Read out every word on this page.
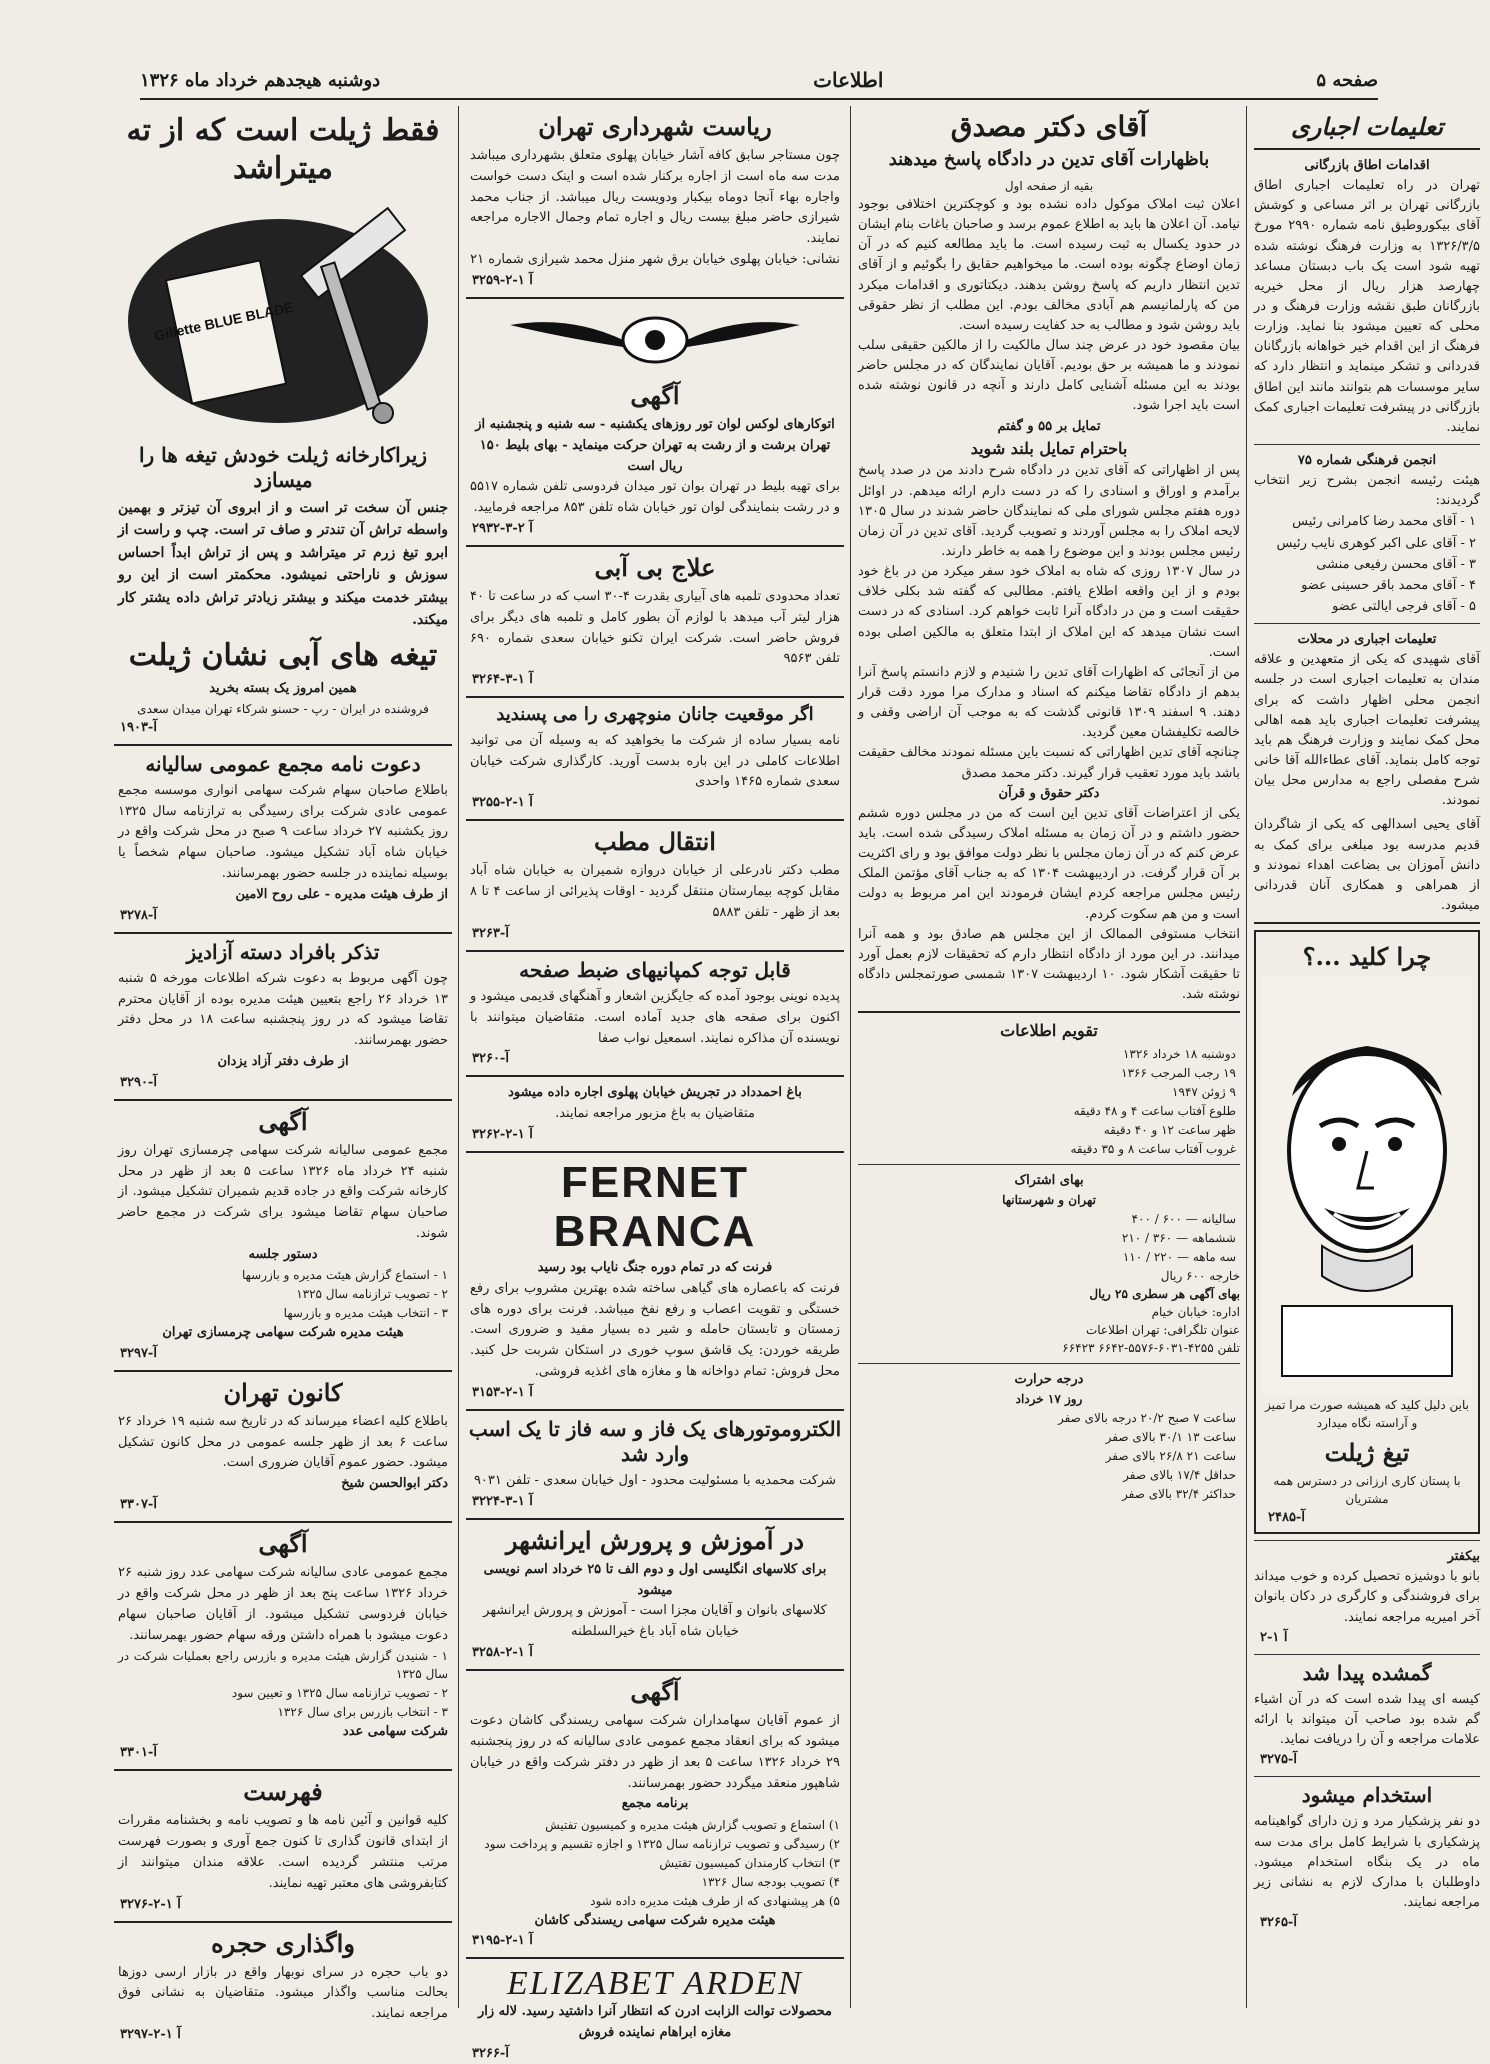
صفحه ۵
اطلاعات
دوشنبه هیجدهم خرداد ماه ۱۳۲۶
تعلیمات اجباری
اقدامات اطاق بازرگانی
تهران در راه تعلیمات اجباری اطاق بازرگانی تهران بر اثر مساعی و کوشش آقای بیکوروطیق نامه شماره ۲۹۹۰ مورخ ۱۳۲۶/۳/۵ به وزارت فرهنگ نوشته شده تهیه شود است یک باب دبستان مساعد چهارصد هزار ریال از محل خیریه بازرگانان طبق نقشه وزارت فرهنگ و در محلی که تعیین میشود بنا نماید. وزارت فرهنگ از این اقدام خیر خواهانه بازرگانان قدردانی و تشکر مینماید و انتظار دارد که سایر موسسات هم بتوانند مانند این اطاق بازرگانی در پیشرفت تعلیمات اجباری کمک نمایند.
انجمن فرهنگی شماره ۷۵
هیئت رئیسه انجمن بشرح زیر انتخاب گردیدند:
۱ - آقای محمد رضا کامرانی رئیس
۲ - آقای علی اکبر کوهری نایب رئیس
۳ - آقای محسن رفیعی منشی
۴ - آقای محمد باقر حسینی عضو
۵ - آقای فرجی ایالتی عضو
تعلیمات اجباری در محلات
آقای شهیدی که یکی از متعهدین و علاقه مندان به تعلیمات اجباری است در جلسه انجمن محلی اظهار داشت که برای پیشرفت تعلیمات اجباری باید همه اهالی محل کمک نمایند و وزارت فرهنگ هم باید توجه کامل بنماید. آقای عطاءالله آقا خانی شرح مفصلی راجع به مدارس محل بیان نمودند.
آقای یحیی اسدالهی که یکی از شاگردان قدیم مدرسه بود مبلغی برای کمک به دانش آموزان بی بضاعت اهداء نمودند و از همراهی و همکاری آنان قدردانی میشود.
چرا کلید ...؟
باین دلیل کلید که همیشه صورت مرا تمیز و آراسته نگاه میدارد
تیغ ژیلت
با پستان کاری ارزانی در دسترس همه مشتریان
۲۴۸۵-آ
بیکفتر
بانو با دوشیزه تحصیل کرده و خوب میداند برای فروشندگی و کارگری در دکان بانوان آخر امیریه مراجعه نمایند.
آ ۱-۲
گمشده پیدا شد
کیسه ای پیدا شده است که در آن اشیاء گم شده بود صاحب آن میتواند با ارائه علامات مراجعه و آن را دریافت نماید.
۳۲۷۵-آ
استخدام میشود
دو نفر پزشکیار مرد و زن دارای گواهینامه پزشکیاری با شرایط کامل برای مدت سه ماه در یک بنگاه استخدام میشود. داوطلبان با مدارک لازم به نشانی زیر مراجعه نمایند.
۳۲۶۵-آ
آقای دکتر مصدق
باظهارات آقای تدین در دادگاه پاسخ میدهند
بقیه از صفحه اول
اعلان ثبت املاک موکول داده نشده بود و کوچکترین اختلافی بوجود نیامد. آن اعلان ها باید به اطلاع عموم برسد و صاحبان باغات بنام ایشان در حدود یکسال به ثبت رسیده است. ما باید مطالعه کنیم که در آن زمان اوضاع چگونه بوده است. ما میخواهیم حقایق را بگوئیم و از آقای تدین انتظار داریم که پاسخ روشن بدهند. دیکتاتوری و اقدامات میکرد من که پارلمانیسم هم آبادی مخالف بودم. این مطلب از نظر حقوقی باید روشن شود و مطالب به حد کفایت رسیده است.
بیان مقصود خود در عرض چند سال مالکیت را از مالکین حقیقی سلب نمودند و ما همیشه بر حق بودیم. آقایان نمایندگان که در مجلس حاضر بودند به این مسئله آشنایی کامل دارند و آنچه در قانون نوشته شده است باید اجرا شود.
تمایل بر ۵۵ و گفتم
باحترام تمایل بلند شوید
پس از اظهاراتی که آقای تدین در دادگاه شرح دادند من در صدد پاسخ برآمدم و اوراق و اسنادی را که در دست دارم ارائه میدهم. در اوائل دوره هفتم مجلس شورای ملی که نمایندگان حاضر شدند در سال ۱۳۰۵ لایحه املاک را به مجلس آوردند و تصویب گردید. آقای تدین در آن زمان رئیس مجلس بودند و این موضوع را همه به خاطر دارند.
در سال ۱۳۰۷ روزی که شاه به املاک خود سفر میکرد من در باغ خود بودم و از این واقعه اطلاع یافتم. مطالبی که گفته شد بکلی خلاف حقیقت است و من در دادگاه آنرا ثابت خواهم کرد. اسنادی که در دست است نشان میدهد که این املاک از ابتدا متعلق به مالکین اصلی بوده است.
من از آنجائی که اظهارات آقای تدین را شنیدم و لازم دانستم پاسخ آنرا بدهم از دادگاه تقاضا میکنم که اسناد و مدارک مرا مورد دقت قرار دهند. ۹ اسفند ۱۳۰۹ قانونی گذشت که به موجب آن اراضی وقفی و خالصه تکلیفشان معین گردید.
چنانچه آقای تدین اظهاراتی که نسبت باین مسئله نمودند مخالف حقیقت باشد باید مورد تعقیب قرار گیرند. دکتر محمد مصدق
دکتر حقوق و قرآن
یکی از اعتراضات آقای تدین این است که من در مجلس دوره ششم حضور داشتم و در آن زمان به مسئله املاک رسیدگی شده است. باید عرض کنم که در آن زمان مجلس با نظر دولت موافق بود و رای اکثریت بر آن قرار گرفت. در اردیبهشت ۱۳۰۴ که به جناب آقای مؤتمن الملک رئیس مجلس مراجعه کردم ایشان فرمودند این امر مربوط به دولت است و من هم سکوت کردم.
انتخاب مستوفی الممالک از این مجلس هم صادق بود و همه آنرا میدانند. در این مورد از دادگاه انتظار دارم که تحقیقات لازم بعمل آورد تا حقیقت آشکار شود. ۱۰ اردیبهشت ۱۳۰۷ شمسی صورتمجلس دادگاه نوشته شد.
تقویم اطلاعات
دوشنبه ۱۸ خرداد ۱۳۲۶
۱۹ رجب المرجب ۱۳۶۶
۹ ژوئن ۱۹۴۷
طلوع آفتاب ساعت ۴ و ۴۸ دقیقه
ظهر ساعت ۱۲ و ۴۰ دقیقه
غروب آفتاب ساعت ۸ و ۳۵ دقیقه
بهای اشتراک
تهران و شهرستانها
سالیانه — ۶۰۰ / ۴۰۰
ششماهه — ۳۶۰ / ۲۱۰
سه ماهه — ۲۲۰ / ۱۱۰
خارجه ۶۰۰ ریال
بهای آگهی هر سطری ۲۵ ریال
اداره: خیابان خیام
عنوان تلگرافی: تهران اطلاعات
تلفن ۴۲۵۵-۶۰۳۱-۵۵۷۶-۶۶۴۲ ۶۶۴۲۳
درجه حرارت
روز ۱۷ خرداد
ساعت ۷ صبح ۲۰/۲ درجه بالای صفر
ساعت ۱۳ ۳۰/۱ بالای صفر
ساعت ۲۱ ۲۶/۸ بالای صفر
حداقل ۱۷/۴ بالای صفر
حداکثر ۳۲/۴ بالای صفر
ریاست شهرداری تهران
چون مستاجر سابق کافه آشار خیابان پهلوی متعلق بشهرداری میباشد مدت سه ماه است از اجاره برکنار شده است و اینک دست خواست واجاره بهاء آنجا دوماه بیکبار ودویست ریال میباشد. از جناب محمد شیرازی حاضر مبلغ بیست ریال و اجاره تمام وجمال الاجاره مراجعه نمایند.
نشانی: خیابان پهلوی خیابان برق شهر منزل محمد شیرازی شماره ۲۱
۳۲۵۹-آ ۱-۲
آگهی
اتوکارهای لوکس لوان تور روزهای یکشنبه - سه شنبه و پنجشنبه از تهران برشت و از رشت به تهران حرکت مینماید - بهای بلیط ۱۵۰ ریال است
برای تهیه بلیط در تهران بوان تور میدان فردوسی تلفن شماره ۵۵۱۷ و در رشت بنمایندگی لوان تور خیابان شاه تلفن ۸۵۳ مراجعه فرمایید.
۲۹۳۲-آ ۲-۳
علاج بی آبی
تعداد محدودی تلمبه های آبیاری بقدرت ۴-۳۰ اسب که در ساعت تا ۴۰ هزار لیتر آب میدهد با لوازم آن بطور کامل و تلمبه های دیگر برای فروش حاضر است. شرکت ایران تکنو خیابان سعدی شماره ۶۹۰ تلفن ۹۵۶۳
۳۲۶۴-آ ۱-۳
اگر موقعیت جانان منوچهری را می پسندید
نامه بسیار ساده از شرکت ما بخواهید که به وسیله آن می توانید اطلاعات کاملی در این باره بدست آورید. کارگذاری شرکت خیابان سعدی شماره ۱۴۶۵ واحدی
۳۲۵۵-آ ۱-۲
انتقال مطب
مطب دکتر نادرعلی از خیابان دروازه شمیران به خیابان شاه آباد مقابل کوچه بیمارستان منتقل گردید - اوقات پذیرائی از ساعت ۴ تا ۸ بعد از ظهر - تلفن ۵۸۸۳
۳۲۶۳-آ
قابل توجه کمپانیهای ضبط صفحه
پدیده نوینی بوجود آمده که جایگزین اشعار و آهنگهای قدیمی میشود و اکنون برای صفحه های جدید آماده است. متقاضیان میتوانند با نویسنده آن مذاکره نمایند. اسمعیل نواب صفا
۳۲۶۰-آ
باغ احمدداد در تجریش خیابان پهلوی اجاره داده میشود
متقاضیان به باغ مزبور مراجعه نمایند.
۳۲۶۲-آ ۱-۲
FERNET BRANCA
فرنت که در تمام دوره جنگ نایاب بود رسید
فرنت که باعصاره های گیاهی ساخته شده بهترین مشروب برای رفع خستگی و تقویت اعصاب و رفع نفخ میباشد. فرنت برای دوره های زمستان و تابستان حامله و شیر ده بسیار مفید و ضروری است. طریقه خوردن: یک قاشق سوپ خوری در استکان شربت حل کنید. محل فروش: تمام دواخانه ها و مغازه های اغذیه فروشی.
۳۱۵۳-آ ۱-۲
الکتروموتورهای یک فاز و سه فاز تا یک اسب وارد شد
شرکت محمدیه با مسئولیت محدود - اول خیابان سعدی - تلفن ۹۰۳۱
۳۲۲۴-آ ۱-۳
در آموزش و پرورش ایرانشهر
برای کلاسهای انگلیسی اول و دوم الف تا ۲۵ خرداد اسم نویسی میشود
کلاسهای بانوان و آقایان مجزا است - آموزش و پرورش ایرانشهر خیابان شاه آباد باغ خیرالسلطنه
۳۲۵۸-آ ۱-۲
آگهی
از عموم آقایان سهامداران شرکت سهامی ریسندگی کاشان دعوت میشود که برای انعقاد مجمع عمومی عادی سالیانه که در روز پنجشنبه ۲۹ خرداد ۱۳۲۶ ساعت ۵ بعد از ظهر در دفتر شرکت واقع در خیابان شاهپور منعقد میگردد حضور بهمرسانند.
برنامه مجمع
۱) استماع و تصویب گزارش هیئت مدیره و کمیسیون تفتیش
۲) رسیدگی و تصویب ترازنامه سال ۱۳۲۵ و اجازه تقسیم و پرداخت سود
۳) انتخاب کارمندان کمیسیون تفتیش
۴) تصویب بودجه سال ۱۳۲۶
۵) هر پیشنهادی که از طرف هیئت مدیره داده شود
هیئت مدیره شرکت سهامی ریسندگی کاشان
۳۱۹۵-آ ۱-۲
ELIZABET ARDEN
محصولات توالت الزابت ادرن که انتظار آنرا داشتید رسید. لاله زار مغازه ابراهام نماینده فروش
۳۲۶۶-آ
فقط ژیلت است که از ته میتراشد
Gillette BLUE BLADE
زیراکارخانه ژیلت خودش تیغه ها را میسازد
جنس آن سخت تر است و از ابروی آن تیزتر و بهمین واسطه تراش آن تندتر و صاف تر است. چپ و راست از ابرو تیغ زرم تر میتراشد و پس از تراش ابداً احساس سوزش و ناراحتی نمیشود. محکمتر است از این رو بیشتر خدمت میکند و بیشتر زیادتر تراش داده یشتر کار میکند.
تیغه های آبی نشان ژیلت
همین امروز یک بسته بخرید
فروشنده در ایران - رپ - حسنو شرکاء تهران میدان سعدی
۱۹۰۳-آ
دعوت نامه مجمع عمومی سالیانه
باطلاع صاحبان سهام شرکت سهامی انواری موسسه مجمع عمومی عادی شرکت برای رسیدگی به ترازنامه سال ۱۳۲۵ روز یکشنبه ۲۷ خرداد ساعت ۹ صبح در محل شرکت واقع در خیابان شاه آباد تشکیل میشود. صاحبان سهام شخصاً یا بوسیله نماینده در جلسه حضور بهمرسانند.
از طرف هیئت مدیره - علی روح الامین
۳۲۷۸-آ
تذکر بافراد دسته آزادیز
چون آگهی مربوط به دعوت شرکه اطلاعات مورخه ۵ شنبه ۱۳ خرداد ۲۶ راجع بتعیین هیئت مدیره بوده از آقایان محترم تقاضا میشود که در روز پنجشنبه ساعت ۱۸ در محل دفتر حضور بهمرسانند.
از طرف دفتر آزاد یزدان
۳۲۹۰-آ
آگهی
مجمع عمومی سالیانه شرکت سهامی چرمسازی تهران روز شنبه ۲۴ خرداد ماه ۱۳۲۶ ساعت ۵ بعد از ظهر در محل کارخانه شرکت واقع در جاده قدیم شمیران تشکیل میشود. از صاحبان سهام تقاضا میشود برای شرکت در مجمع حاضر شوند.
دستور جلسه
۱ - استماع گزارش هیئت مدیره و بازرسها
۲ - تصویب ترازنامه سال ۱۳۲۵
۳ - انتخاب هیئت مدیره و بازرسها
هیئت مدیره شرکت سهامی چرمسازی تهران
۳۲۹۷-آ
کانون تهران
باطلاع کلیه اعضاء میرساند که در تاریخ سه شنبه ۱۹ خرداد ۲۶ ساعت ۶ بعد از ظهر جلسه عمومی در محل کانون تشکیل میشود. حضور عموم آقایان ضروری است.
دکتر ابوالحسن شیخ
۳۳۰۷-آ
آگهی
مجمع عمومی عادی سالیانه شرکت سهامی عدد روز شنبه ۲۶ خرداد ۱۳۲۶ ساعت پنج بعد از ظهر در محل شرکت واقع در خیابان فردوسی تشکیل میشود. از آقایان صاحبان سهام دعوت میشود با همراه داشتن ورقه سهام حضور بهمرسانند.
۱ - شنیدن گزارش هیئت مدیره و بازرس راجع بعملیات شرکت در سال ۱۳۲۵
۲ - تصویب ترازنامه سال ۱۳۲۵ و تعیین سود
۳ - انتخاب بازرس برای سال ۱۳۲۶
شرکت سهامی عدد
۳۳۰۱-آ
فهرست
کلیه قوانین و آئین نامه ها و تصویب نامه و بخشنامه مقررات از ابتدای قانون گذاری تا کنون جمع آوری و بصورت فهرست مرتب منتشر گردیده است. علاقه مندان میتوانند از کتابفروشی های معتبر تهیه نمایند.
۳۲۷۶-آ ۱-۲
واگذاری حجره
دو باب حجره در سرای نوبهار واقع در بازار ارسی دوزها بحالت مناسب واگذار میشود. متقاضیان به نشانی فوق مراجعه نمایند.
۳۲۹۷-آ ۱-۲
